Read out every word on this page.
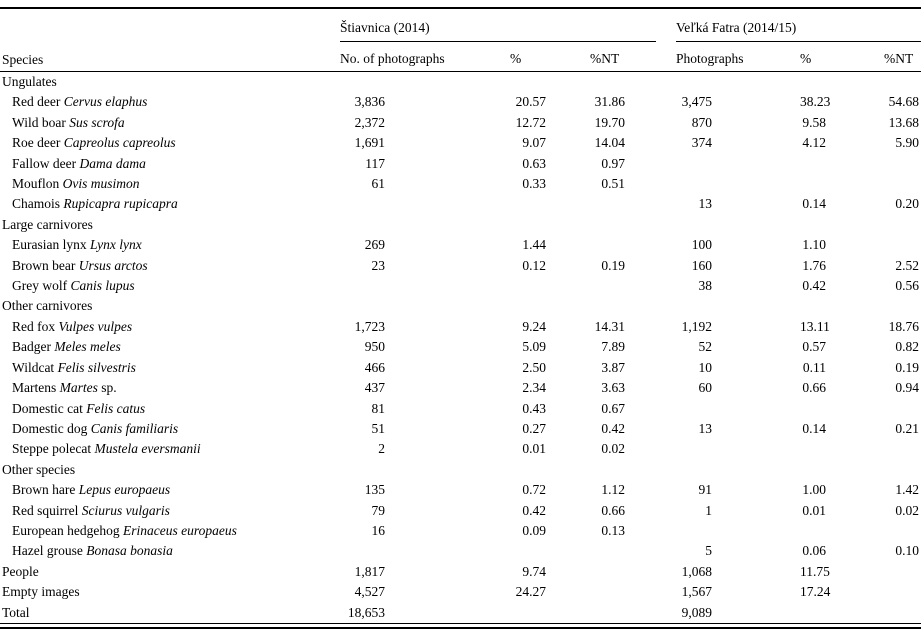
Species	Štiavnica (2014)				Veľká Fatra (2014/15)		
	No. of photographs	%	%NT		Photographs	%	%NT
Ungulates							
Red deer Cervus elaphus	3,836	20.57	31.86		3,475	38.23	54.68
Wild boar Sus scrofa	2,372	12.72	19.70		870	9.58	13.68
Roe deer Capreolus capreolus	1,691	9.07	14.04		374	4.12	5.90
Fallow deer Dama dama	117	0.63	0.97				
Mouflon Ovis musimon	61	0.33	0.51				
Chamois Rupicapra rupicapra					13	0.14	0.20
Large carnivores							
Eurasian lynx Lynx lynx	269	1.44			100	1.10	
Brown bear Ursus arctos	23	0.12	0.19		160	1.76	2.52
Grey wolf Canis lupus					38	0.42	0.56
Other carnivores							
Red fox Vulpes vulpes	1,723	9.24	14.31		1,192	13.11	18.76
Badger Meles meles	950	5.09	7.89		52	0.57	0.82
Wildcat Felis silvestris	466	2.50	3.87		10	0.11	0.19
Martens Martes sp.	437	2.34	3.63		60	0.66	0.94
Domestic cat Felis catus	81	0.43	0.67				
Domestic dog Canis familiaris	51	0.27	0.42		13	0.14	0.21
Steppe polecat Mustela eversmanii	2	0.01	0.02				
Other species							
Brown hare Lepus europaeus	135	0.72	1.12		91	1.00	1.42
Red squirrel Sciurus vulgaris	79	0.42	0.66		1	0.01	0.02
European hedgehog Erinaceus europaeus	16	0.09	0.13				
Hazel grouse Bonasa bonasia					5	0.06	0.10
People	1,817	9.74			1,068	11.75	
Empty images	4,527	24.27			1,567	17.24	
Total	18,653				9,089		
